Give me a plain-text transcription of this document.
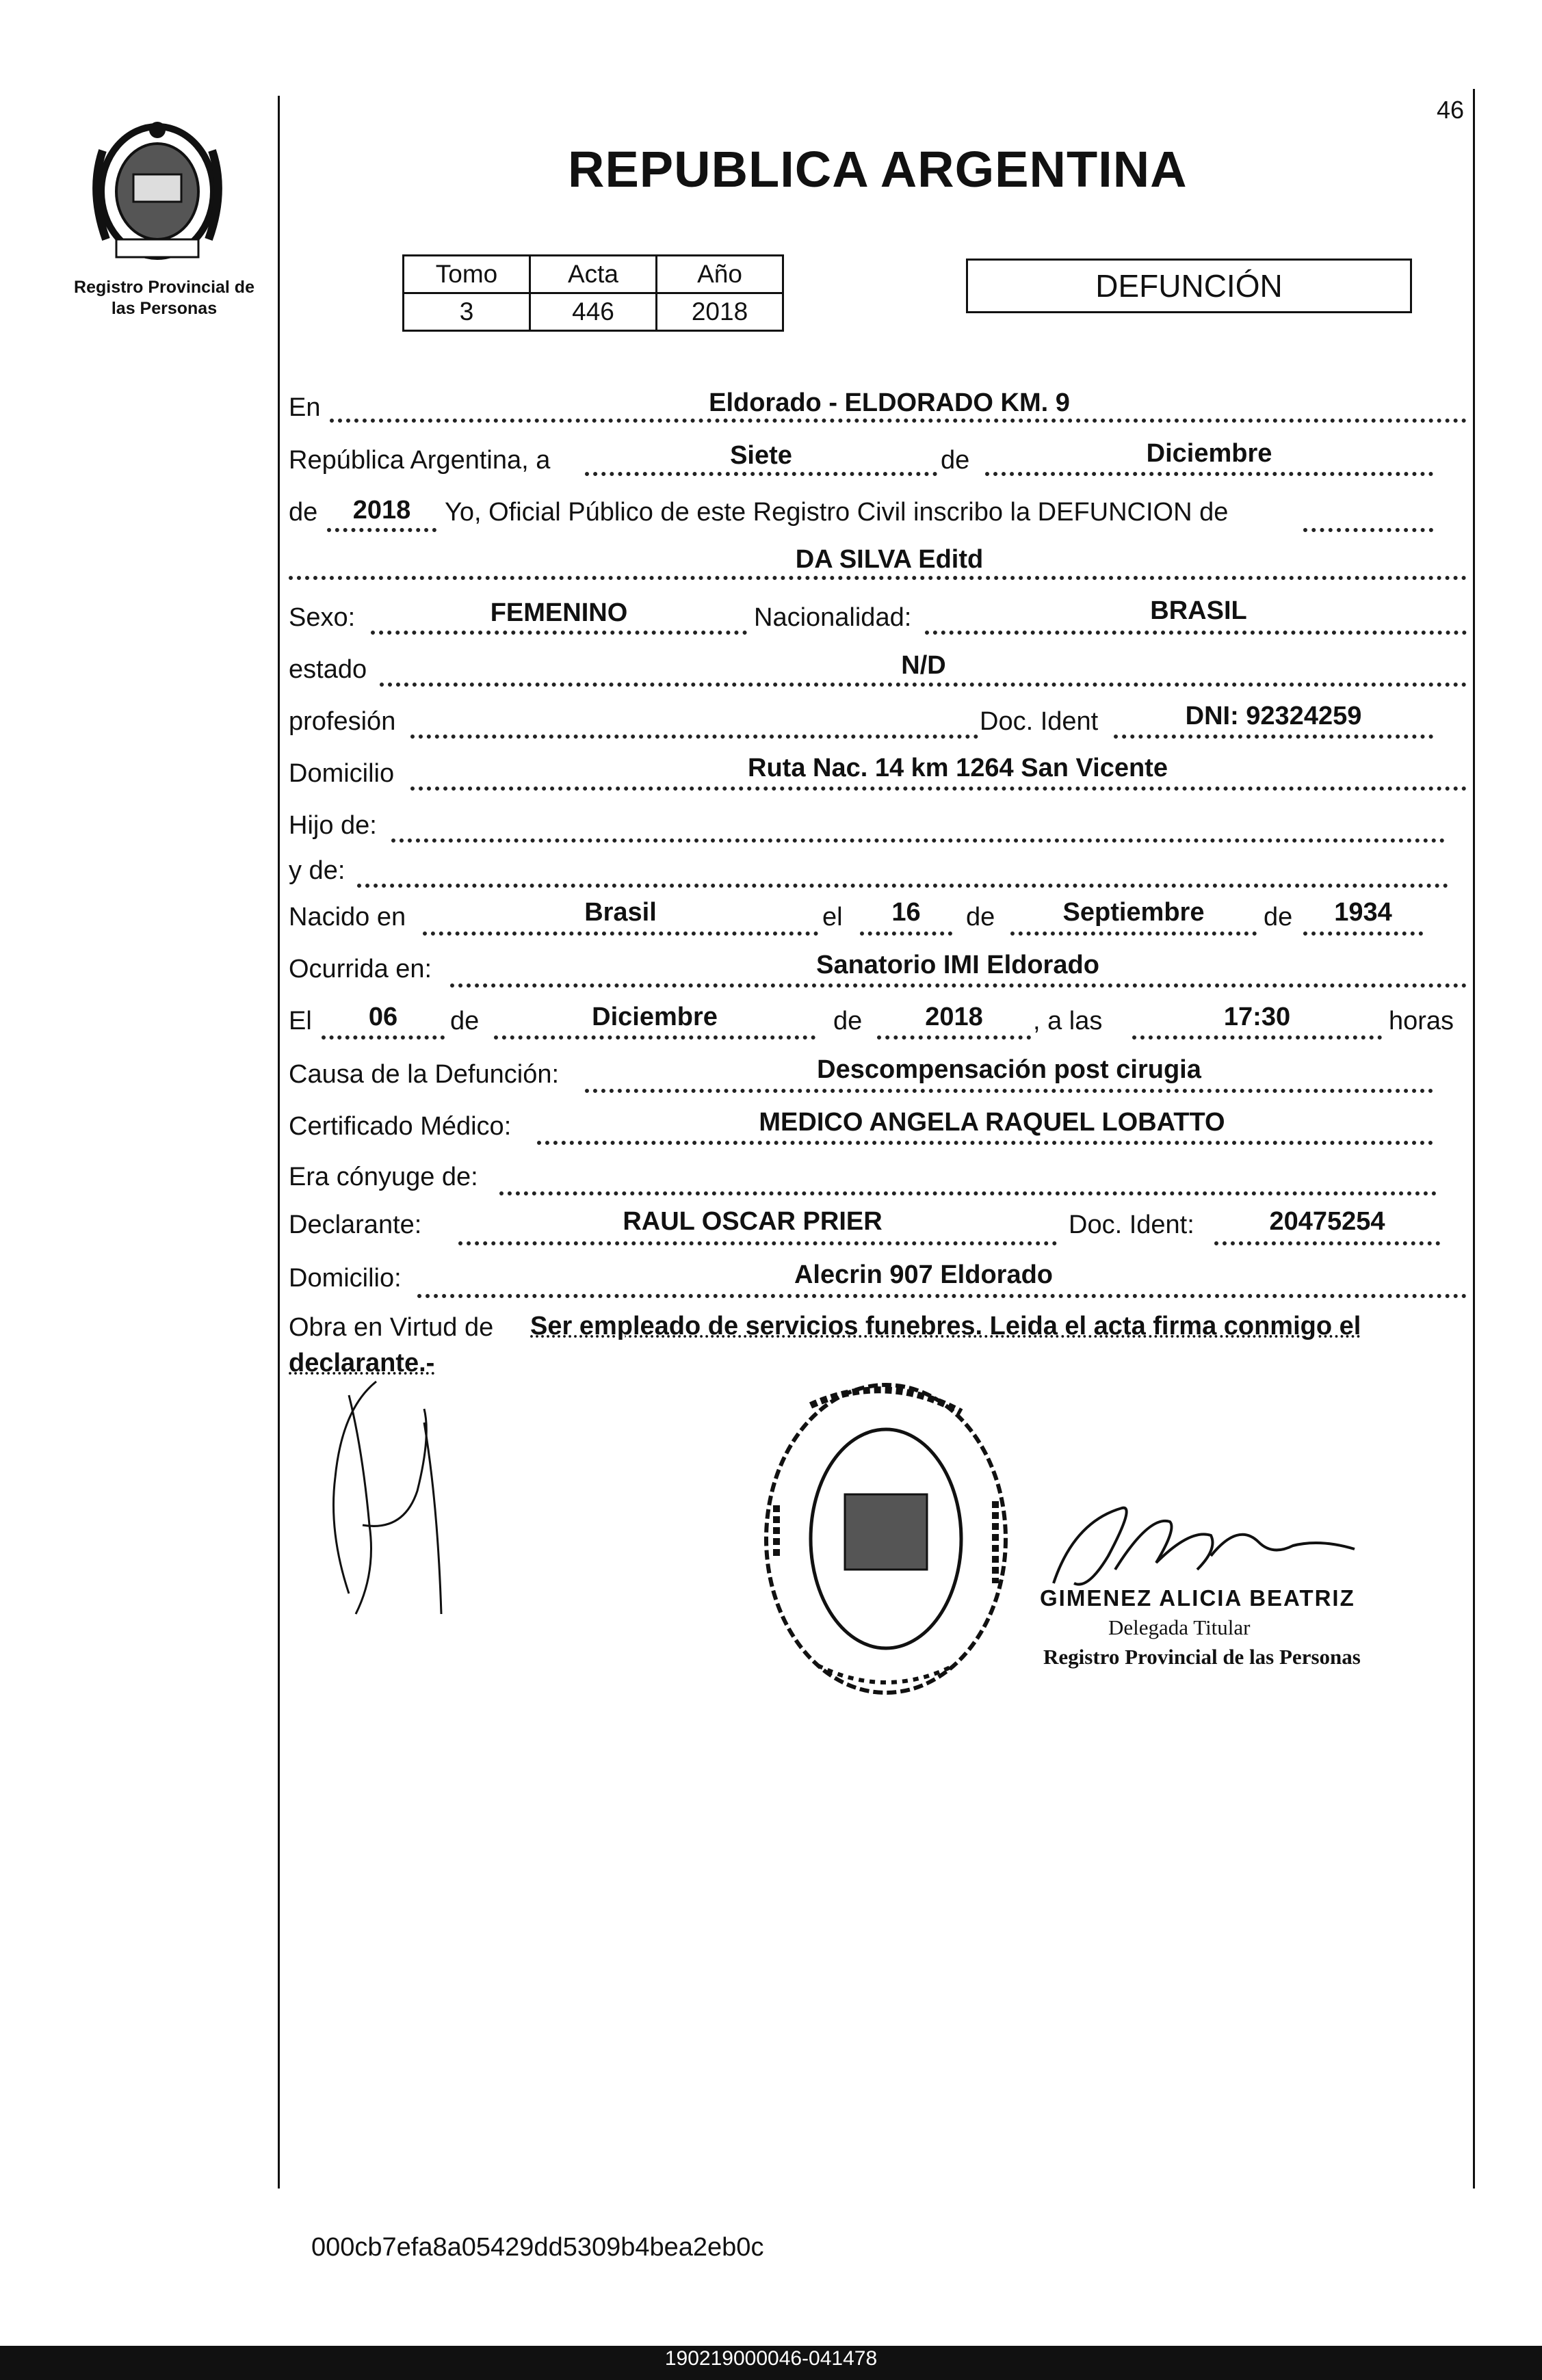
Registro Provincial de
las Personas
46
REPUBLICA ARGENTINA
Tomo	Acta	Año
3	446	2018
DEFUNCIÓN
En	Eldorado - ELDORADO KM. 9
República Argentina, a	Siete	de	Diciembre
de	2018	Yo, Oficial Público de este Registro Civil inscribo la DEFUNCION de
DA SILVA Editd
Sexo:	FEMENINO	Nacionalidad:	BRASIL
estado	N/D
profesión	Doc. Ident	DNI: 92324259
Domicilio	Ruta Nac. 14 km 1264 San Vicente
Hijo de:
y de:
Nacido en	Brasil	el	16	de	Septiembre	de	1934
Ocurrida en:	Sanatorio IMI Eldorado
El	06	de	Diciembre	de	2018	, a las	17:30	horas
Causa de la Defunción:	Descompensación post cirugia
Certificado Médico:	MEDICO ANGELA RAQUEL LOBATTO
Era cónyuge de:
Declarante:	RAUL OSCAR PRIER	Doc. Ident:	20475254
Domicilio:	Alecrin 907 Eldorado
Obra en Virtud de Ser empleado de servicios funebres. Leida el acta firma conmigo el
declarante.-
GIMENEZ ALICIA BEATRIZ
Delegada Titular
Registro Provincial de las Personas
000cb7efa8a05429dd5309b4bea2eb0c
190219000046-041478
